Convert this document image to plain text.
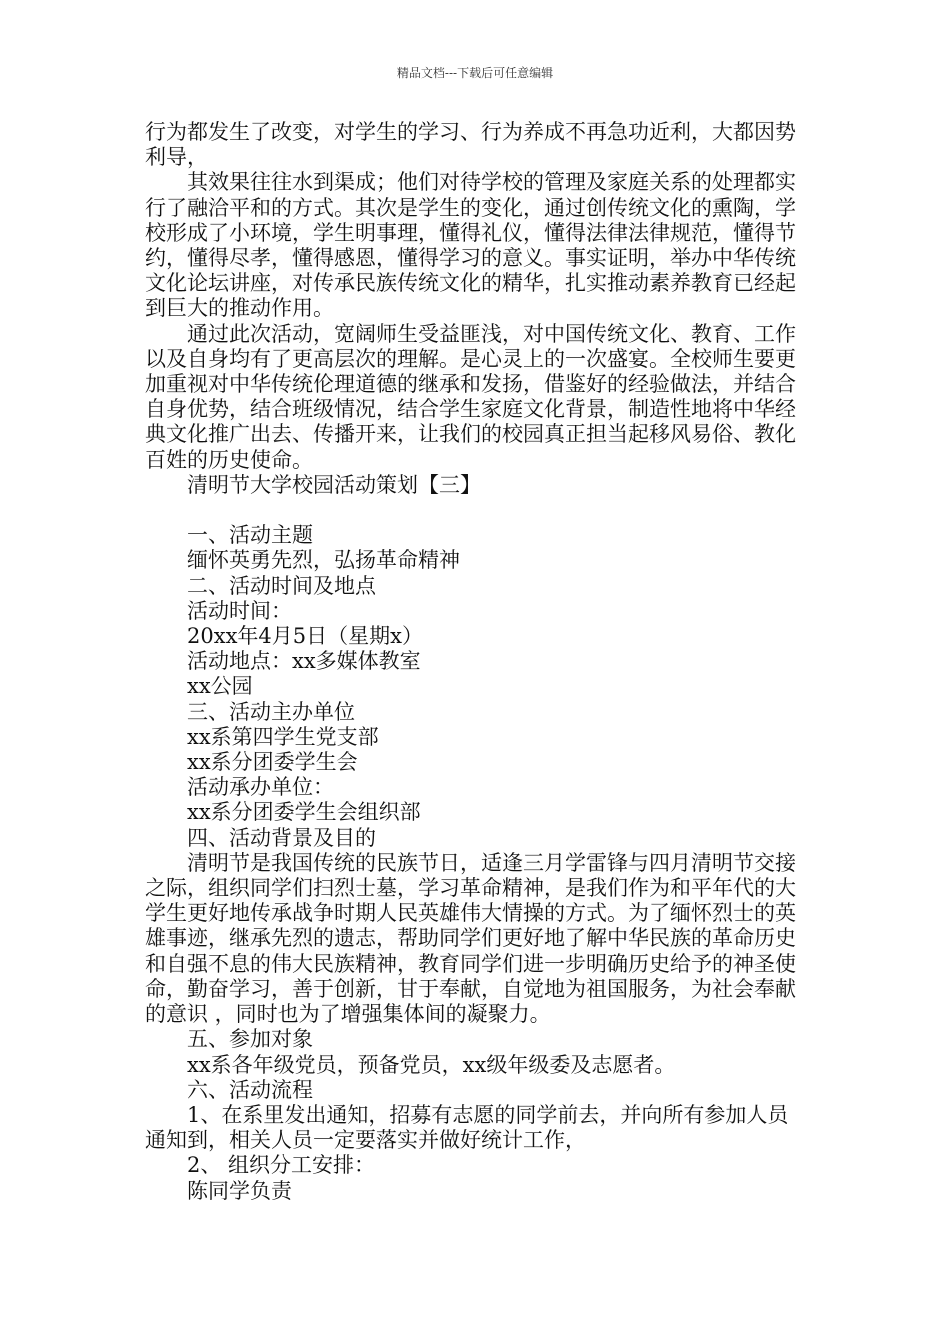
精品文档---下载后可任意编辑

行为都发生了改变，对学生的学习、行为养成不再急功近利，大都因势利导，

其效果往往水到渠成；他们对待学校的管理及家庭关系的处理都实行了融洽平和的方式。其次是学生的变化，通过创传统文化的熏陶，学校形成了小环境，学生明事理，懂得礼仪，懂得法律法律规范，懂得节约，懂得尽孝，懂得感恩，懂得学习的意义。事实证明，举办中华传统文化论坛讲座，对传承民族传统文化的精华，扎实推动素养教育已经起到巨大的推动作用。

通过此次活动，宽阔师生受益匪浅，对中国传统文化、教育、工作以及自身均有了更高层次的理解。是心灵上的一次盛宴。全校师生要更加重视对中华传统伦理道德的继承和发扬，借鉴好的经验做法，并结合自身优势，结合班级情况，结合学生家庭文化背景，制造性地将中华经典文化推广出去、传播开来，让我们的校园真正担当起移风易俗、教化百姓的历史使命。

清明节大学校园活动策划【三】

一、活动主题

缅怀英勇先烈，弘扬革命精神

二、活动时间及地点

活动时间：

20xx年4月5日（星期x）

活动地点：xx多媒体教室

xx公园

三、活动主办单位

xx系第四学生党支部

xx系分团委学生会

活动承办单位：

xx系分团委学生会组织部

四、活动背景及目的

清明节是我国传统的民族节日，适逢三月学雷锋与四月清明节交接之际，组织同学们扫烈士墓，学习革命精神，是我们作为和平年代的大学生更好地传承战争时期人民英雄伟大情操的方式。为了缅怀烈士的英雄事迹，继承先烈的遗志，帮助同学们更好地了解中华民族的革命历史和自强不息的伟大民族精神，教育同学们进一步明确历史给予的神圣使命，勤奋学习，善于创新，甘于奉献，自觉地为祖国服务，为社会奉献的意识 ，同时也为了增强集体间的凝聚力。

五、参加对象

xx系各年级党员，预备党员，xx级年级委及志愿者。

六、活动流程

1、在系里发出通知，招募有志愿的同学前去，并向所有参加人员通知到，相关人员一定要落实并做好统计工作，

2、 组织分工安排：

陈同学负责
